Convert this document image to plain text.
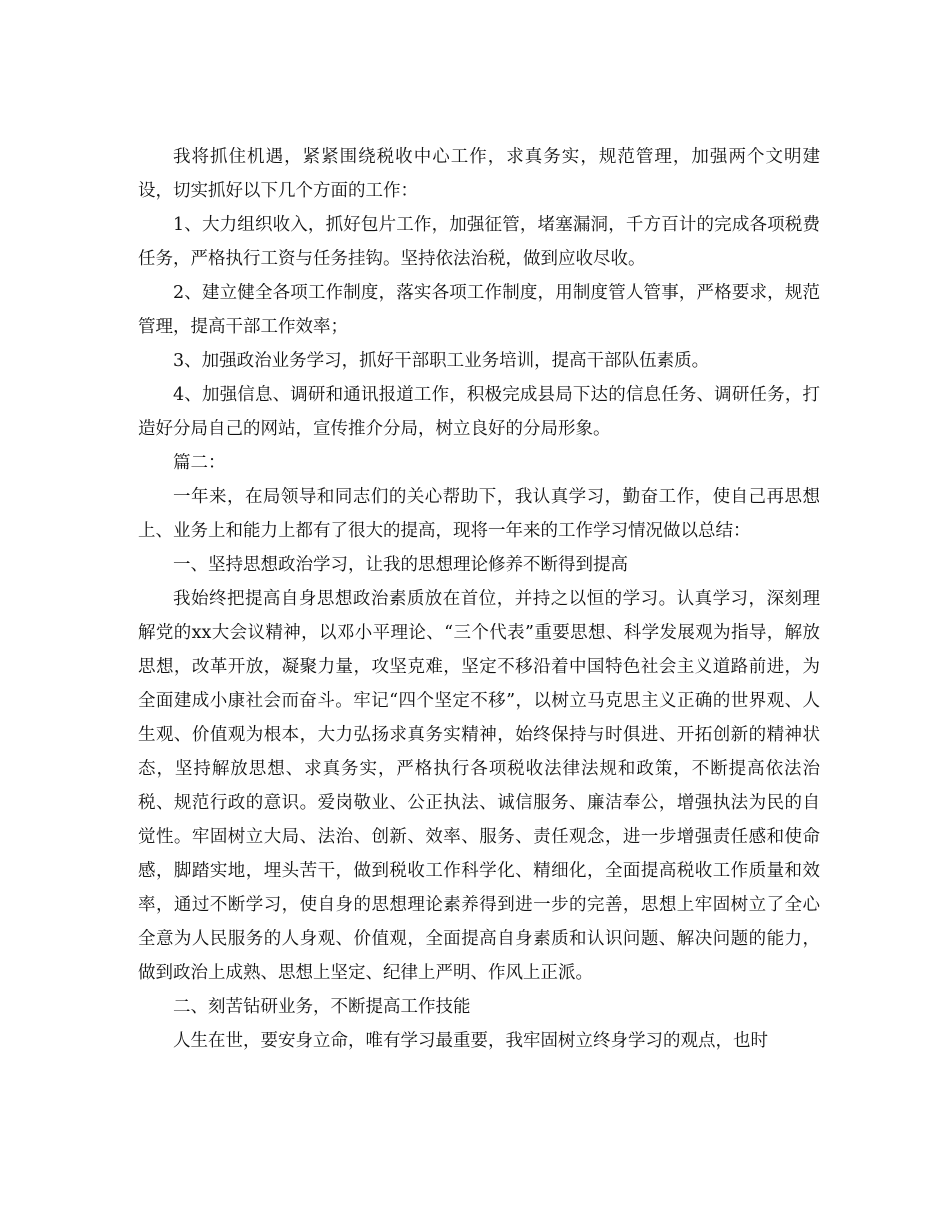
我将抓住机遇，紧紧围绕税收中心工作，求真务实，规范管理，加强两个文明建设，切实抓好以下几个方面的工作：

1、大力组织收入，抓好包片工作，加强征管，堵塞漏洞，千方百计的完成各项税费任务，严格执行工资与任务挂钩。坚持依法治税，做到应收尽收。

2、建立健全各项工作制度，落实各项工作制度，用制度管人管事，严格要求，规范管理，提高干部工作效率；

3、加强政治业务学习，抓好干部职工业务培训，提高干部队伍素质。

4、加强信息、调研和通讯报道工作，积极完成县局下达的信息任务、调研任务，打造好分局自己的网站，宣传推介分局，树立良好的分局形象。

篇二：

一年来，在局领导和同志们的关心帮助下，我认真学习，勤奋工作，使自己再思想上、业务上和能力上都有了很大的提高，现将一年来的工作学习情况做以总结：

一、坚持思想政治学习，让我的思想理论修养不断得到提高

我始终把提高自身思想政治素质放在首位，并持之以恒的学习。认真学习，深刻理解党的xx大会议精神，以邓小平理论、“三个代表”重要思想、科学发展观为指导，解放思想，改革开放，凝聚力量，攻坚克难，坚定不移沿着中国特色社会主义道路前进，为全面建成小康社会而奋斗。牢记“四个坚定不移”，以树立马克思主义正确的世界观、人生观、价值观为根本，大力弘扬求真务实精神，始终保持与时俱进、开拓创新的精神状态，坚持解放思想、求真务实，严格执行各项税收法律法规和政策，不断提高依法治税、规范行政的意识。爱岗敬业、公正执法、诚信服务、廉洁奉公，增强执法为民的自觉性。牢固树立大局、法治、创新、效率、服务、责任观念，进一步增强责任感和使命感，脚踏实地，埋头苦干，做到税收工作科学化、精细化，全面提高税收工作质量和效率，通过不断学习，使自身的思想理论素养得到进一步的完善，思想上牢固树立了全心全意为人民服务的人身观、价值观，全面提高自身素质和认识问题、解决问题的能力，做到政治上成熟、思想上坚定、纪律上严明、作风上正派。

二、刻苦钻研业务，不断提高工作技能

人生在世，要安身立命，唯有学习最重要，我牢固树立终身学习的观点，也时
